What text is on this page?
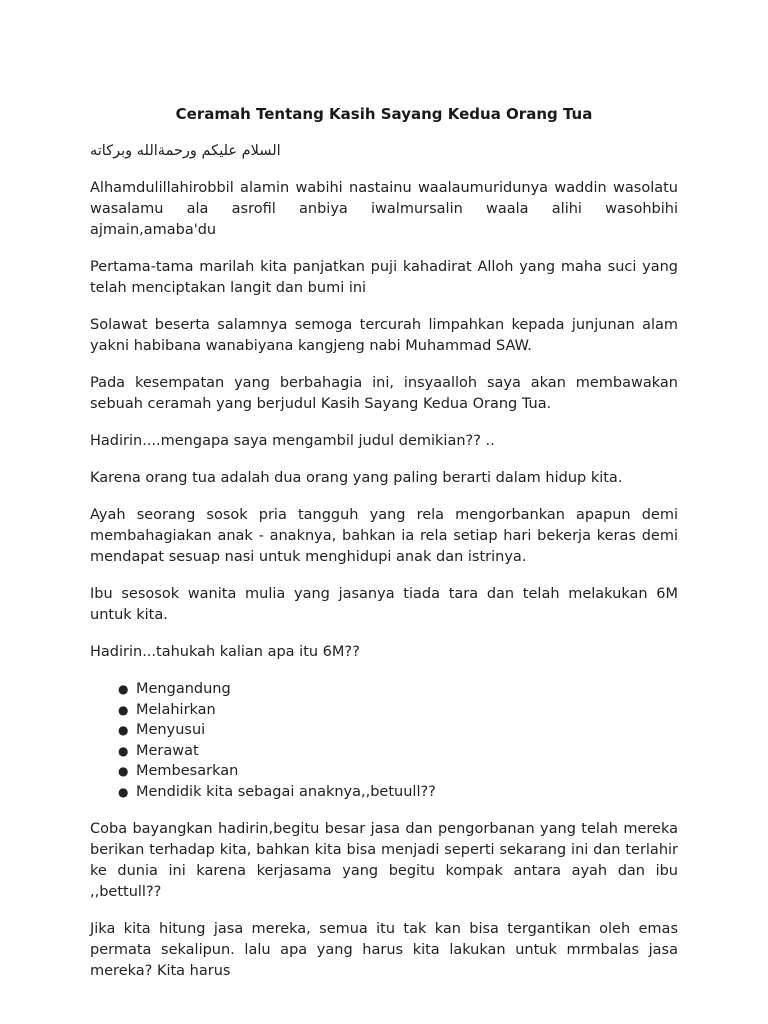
Ceramah Tentang Kasih Sayang Kedua Orang Tua
السلام عليكم ورحمةالله وبركاته

Alhamdulillahirobbil alamin wabihi nastainu waalaumuridunya waddin wasolatu wasalamu ala asrofil anbiya iwalmursalin waala alihi wasohbihi ajmain,amaba'du

Pertama-tama marilah kita panjatkan puji kahadirat Alloh yang maha suci yang telah menciptakan langit dan bumi ini

Solawat beserta salamnya semoga tercurah limpahkan kepada junjunan alam yakni habibana wanabiyana kangjeng nabi Muhammad SAW.

Pada kesempatan yang berbahagia ini, insyaalloh saya akan membawakan sebuah ceramah yang berjudul Kasih Sayang Kedua Orang Tua.

Hadirin....mengapa saya mengambil judul demikian?? ..

Karena orang tua adalah dua orang yang paling berarti dalam hidup kita.

Ayah seorang sosok pria tangguh yang rela mengorbankan apapun demi membahagiakan anak - anaknya, bahkan ia rela setiap hari bekerja keras demi mendapat sesuap nasi untuk menghidupi anak dan istrinya.

Ibu sesosok wanita mulia yang jasanya tiada tara dan telah melakukan 6M untuk kita.

Hadirin...tahukah kalian apa itu 6M??

● Mengandung
● Melahirkan
● Menyusui
● Merawat
● Membesarkan
● Mendidik kita sebagai anaknya,,betuull??

Coba bayangkan hadirin,begitu besar jasa dan pengorbanan yang telah mereka berikan terhadap kita, bahkan kita bisa menjadi seperti sekarang ini dan terlahir ke dunia ini karena kerjasama yang begitu kompak antara ayah dan ibu ,,bettull??

Jika kita hitung jasa mereka, semua itu tak kan bisa tergantikan oleh emas permata sekalipun. lalu apa yang harus kita lakukan untuk mrmbalas jasa mereka? Kita harus
